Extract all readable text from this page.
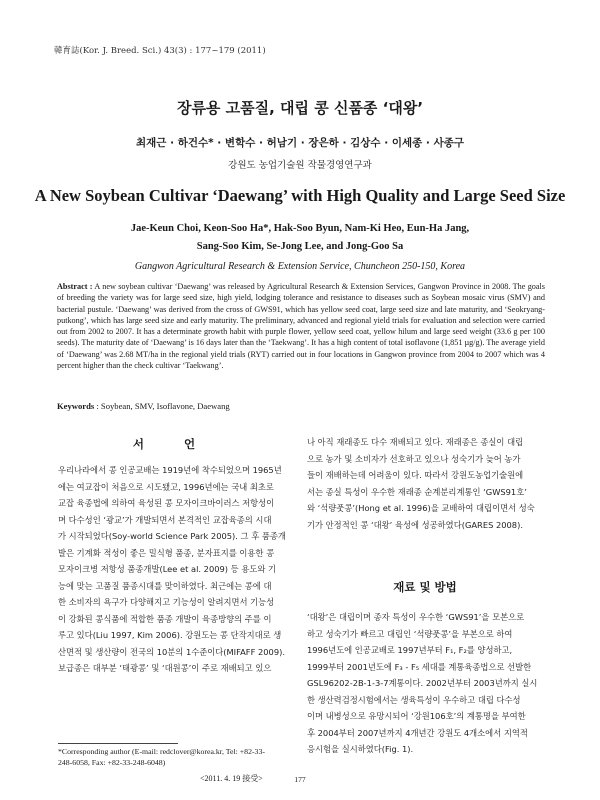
韓育誌(Kor. J. Breed. Sci.) 43(3) : 177~179 (2011)
장류용 고품질, 대립 콩 신품종 ‘대왕’
최재근 · 하건수* · 변학수 · 허남기 · 장은하 · 김상수 · 이세종 · 사종구
강원도 농업기술원 작물경영연구과
A New Soybean Cultivar ‘Daewang’ with High Quality and Large Seed Size
Jae-Keun Choi, Keon-Soo Ha*, Hak-Soo Byun, Nam-Ki Heo, Eun-Ha Jang,
Sang-Soo Kim, Se-Jong Lee, and Jong-Goo Sa
Gangwon Agricultural Research & Extension Service, Chuncheon 250-150, Korea
Abstract : A new soybean cultivar ‘Daewang’ was released by Agricultural Research & Extension Services, Gangwon Province in 2008. The goals of breeding the variety was for large seed size, high yield, lodging tolerance and resistance to diseases such as Soybean mosaic virus (SMV) and bacterial pustule. ‘Daewang’ was derived from the cross of GWS91, which has yellow seed coat, large seed size and late maturity, and ‘Seokryang-putkong’, which has large seed size and early maturity. The preliminary, advanced and regional yield trials for evaluation and selection were carried out from 2002 to 2007. It has a determinate growth habit with purple flower, yellow seed coat, yellow hilum and large seed weight (33.6 g per 100 seeds). The maturity date of ‘Daewang’ is 16 days later than the ‘Taekwang’. It has a high content of total isoflavone (1,851 µg/g). The average yield of ‘Daewang’ was 2.68 MT/ha in the regional yield trials (RYT) carried out in four locations in Gangwon province from 2004 to 2007 which was 4 percent higher than the check cultivar ‘Taekwang’.
Keywords : Soybean, SMV, Isoflavone, Daewang
서 언
우리나라에서 콩 인공교배는 1919년에 착수되었으며 1965년
에는 여교잡이 처음으로 시도됐고, 1996년에는 국내 최초로
교잡 육종법에 의하여 육성된 콩 모자이크바이러스 저항성이
며 다수성인 ‘광교’가 개발되면서 본격적인 교잡육종의 시대
가 시작되었다(Soy-world Science Park 2005). 그 후 품종개
발은 기계화 적성이 좋은 밀식형 품종, 분자표지를 이용한 콩
모자이크병 저항성 품종개발(Lee et al. 2009) 등 용도와 기
능에 맞는 고품질 품종시대를 맞이하였다. 최근에는 콩에 대
한 소비자의 욕구가 다양해지고 기능성이 알려지면서 기능성
이 강화된 콩식품에 적합한 품종 개발이 육종방향의 주를 이
루고 있다(Liu 1997, Kim 2006). 강원도는 콩 단작지대로 생
산면적 및 생산량이 전국의 10분의 1수준이다(MIFAFF 2009).
보급종은 대부분 ‘태광콩’ 및 ‘대원콩’이 주로 재배되고 있으
나 아직 재래종도 다수 재배되고 있다. 재래종은 종실이 대립
으로 농가 및 소비자가 선호하고 있으나 성숙기가 늦어 농가
들이 재배하는데 어려움이 있다. 따라서 강원도농업기술원에
서는 종실 특성이 우수한 재래종 순계분리계통인 ‘GWS91호’
와 ‘석량풋콩’(Hong et al. 1996)을 교배하여 대립이면서 성숙
기가 안정적인 콩 ‘대왕’ 육성에 성공하였다(GARES 2008).
재료 및 방법
‘대왕’은 대립이며 종자 특성이 우수한 ‘GWS91’을 모본으로
하고 성숙기가 빠르고 대립인 ‘석량풋콩’을 부본으로 하여
1996년도에 인공교배로 1997년부터 F₁, F₂를 양성하고,
1999부터 2001년도에 F₃ - F₅ 세대를 계통육종법으로 선발한
GSL96202-2B-1-3-7계통이다. 2002년부터 2003년까지 실시
한 생산력검정시험에서는 생육특성이 우수하고 대립 다수성
이며 내병성으로 유망시되어 ‘강원106호’의 계통명을 부여한
후 2004부터 2007년까지 4개년간 강원도 4개소에서 지역적
응시험을 실시하였다(Fig. 1).
*Corresponding author (E-mail: redclover@korea.kr, Tel: +82-33-
248-6058, Fax: +82-33-248-6048)
<2011. 4. 19 接受>	177
